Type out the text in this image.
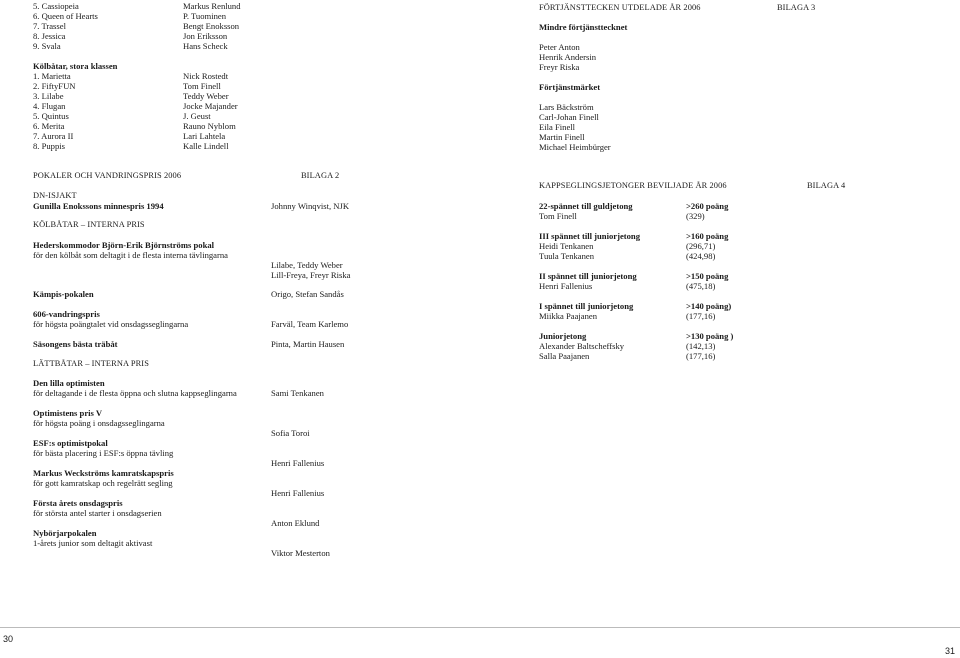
5. Cassiopeia	Markus Renlund
6. Queen of Hearts	P. Tuominen
7. Trassel	Bengt Enoksson
8. Jessica	Jon Eriksson
9. Svala	Hans Scheck
Kölbåtar, stora klassen
1. Marietta	Nick Rostedt
2. FiftyFUN	Tom Finell
3. Lilabe	Teddy Weber
4. Flugan	Jocke Majander
5. Quintus	J. Geust
6. Merita	Rauno Nyblom
7. Aurora II	Lari Lahtela
8. Puppis	Kalle Lindell
FÖRTJÄNSTTECKEN UTDELADE ÅR 2006	BILAGA 3
Mindre förtjänsttecknet
Peter Anton
Henrik Andersin
Freyr Riska
Förtjänstmärket
Lars Bäckström
Carl-Johan Finell
Eila Finell
Martin Finell
Michael Heimbürger
POKALER OCH VANDRINGSPRIS 2006	BILAGA 2
DN-ISJAKT
Gunilla Enokssons minnespris 1994	Johnny Winqvist, NJK
KÖLBÅTAR – INTERNA PRIS
Hederskommodor Björn-Erik Björnströms pokal
för den kölbåt som deltagit i de flesta interna tävlingarna
Lilabe, Teddy Weber
Lill-Freya, Freyr Riska
Kämpis-pokalen	Origo, Stefan Sandås
606-vandringspris
för högsta poängtalet vid onsdagsseglingarna	Farväl, Team Karlemo
Säsongens bästa träbåt	Pinta, Martin Hausen
LÄTTBÅTAR – INTERNA PRIS
Den lilla optimisten
för deltagande i de flesta öppna och slutna kappseglingarna	Sami Tenkanen
Optimistens pris V
för högsta poäng i onsdagsseglingarna
Sofia Toroi
ESF:s optimistpokal
för bästa placering i ESF:s öppna tävling
Henri Fallenius
Markus Weckströms kamratskapspris
för gott kamratskap och regelrätt segling
Henri Fallenius
Första årets onsdagspris
för största antel starter i onsdagserien
Anton Eklund
Nybörjarpokalen
1-årets junior som deltagit aktivast
Viktor Mesterton
KAPPSEGLINGSJETONGER BEVILJADE ÅR 2006	BILAGA 4
22-spännet till guldjetong	>260 poäng
Tom Finell	(329)
III spännet till juniorjetong	>160 poäng
Heidi Tenkanen	(296,71)
Tuula Tenkanen	(424,98)
II spännet till juniorjetong	>150 poäng
Henri Fallenius	(475,18)
I spännet till juniorjetong	>140 poäng)
Miikka Paajanen	(177,16)
Juniorjetong	>130 poäng )
Alexander Baltscheffsky	(142,13)
Salla Paajanen	(177,16)
30
31
